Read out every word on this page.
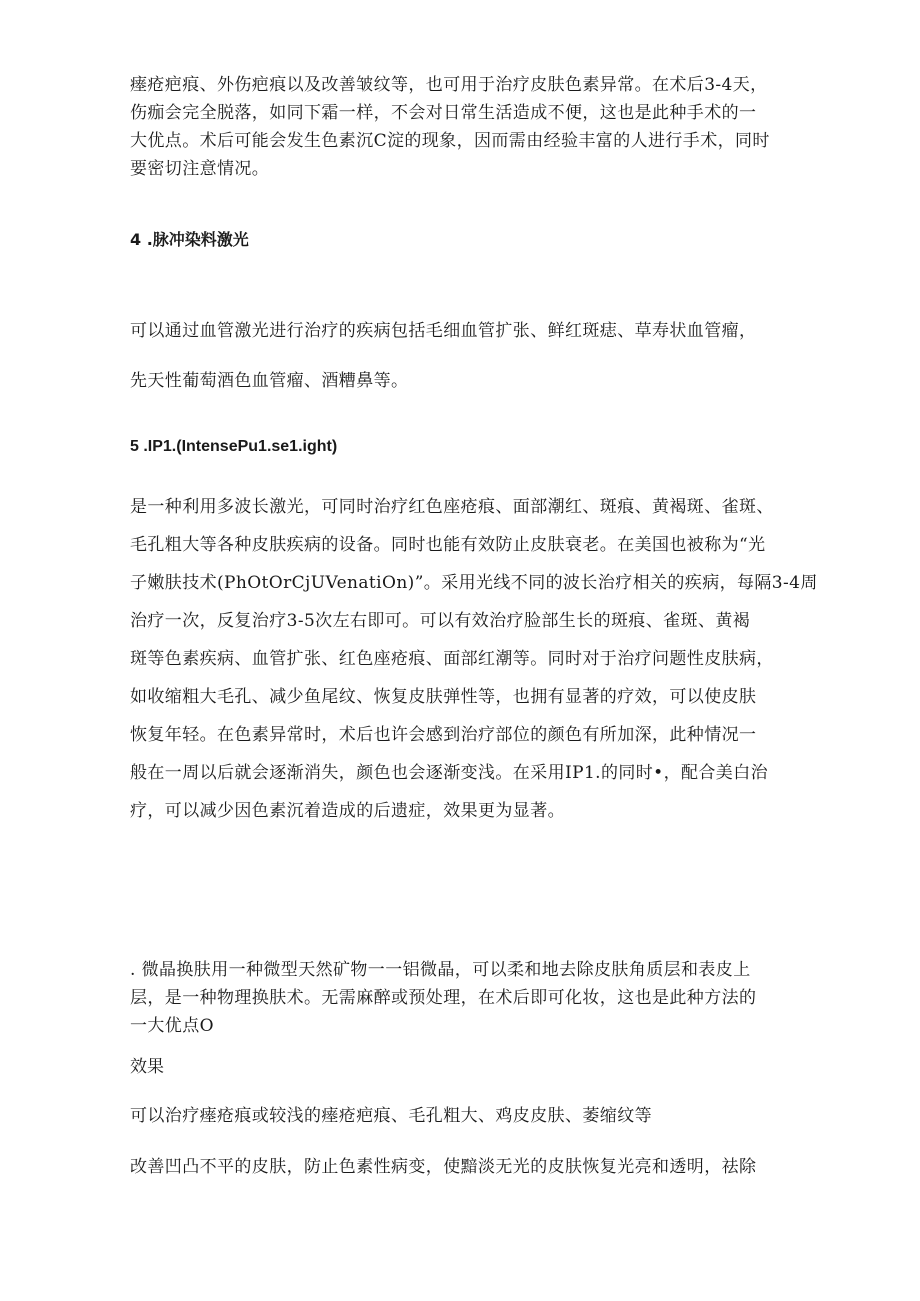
瘗疮疤痕、外伤疤痕以及改善皱纹等，也可用于治疗皮肤色素异常。在术后3-4天，
伤痂会完全脱落，如同下霜一样，不会对日常生活造成不便，这也是此种手术的一
大优点。术后可能会发生色素沉C淀的现象，因而需由经验丰富的人进行手术，同时
要密切注意情况。

4 .脉冲染料激光

可以通过血管激光进行治疗的疾病包括毛细血管扩张、鲜红斑痣、草寿状血管瘤，
先天性葡萄酒色血管瘤、酒糟鼻等。

5 .IP1.(IntensePu1.se1.ight)

是一种利用多波长激光，可同时治疗红色座疮痕、面部潮红、斑痕、黄褐斑、雀斑、
毛孔粗大等各种皮肤疾病的设备。同时也能有效防止皮肤衰老。在美国也被称为“光
子嫩肤技术(PhOtOrCjUVenatiOn)”。采用光线不同的波长治疗相关的疾病，每隔3-4周
治疗一次，反复治疗3-5次左右即可。可以有效治疗脸部生长的斑痕、雀斑、黄褐
斑等色素疾病、血管扩张、红色座疮痕、面部红潮等。同时对于治疗问题性皮肤病，
如收缩粗大毛孔、减少鱼尾纹、恢复皮肤弹性等，也拥有显著的疗效，可以使皮肤
恢复年轻。在色素异常时，术后也许会感到治疗部位的颜色有所加深，此种情况一
般在一周以后就会逐渐消失，颜色也会逐渐变浅。在采用IP1.的同时•，配合美白治
疗，可以减少因色素沉着造成的后遗症，效果更为显著。

. 微晶换肤用一种微型天然矿物一一铝微晶，可以柔和地去除皮肤角质层和表皮上
层，是一种物理换肤术。无需麻醉或预处理，在术后即可化妆，这也是此种方法的
一大优点O

效果

可以治疗瘗疮痕或较浅的瘗疮疤痕、毛孔粗大、鸡皮皮肤、萎缩纹等

改善凹凸不平的皮肤，防止色素性病变，使黯淡无光的皮肤恢复光亮和透明，祛除
